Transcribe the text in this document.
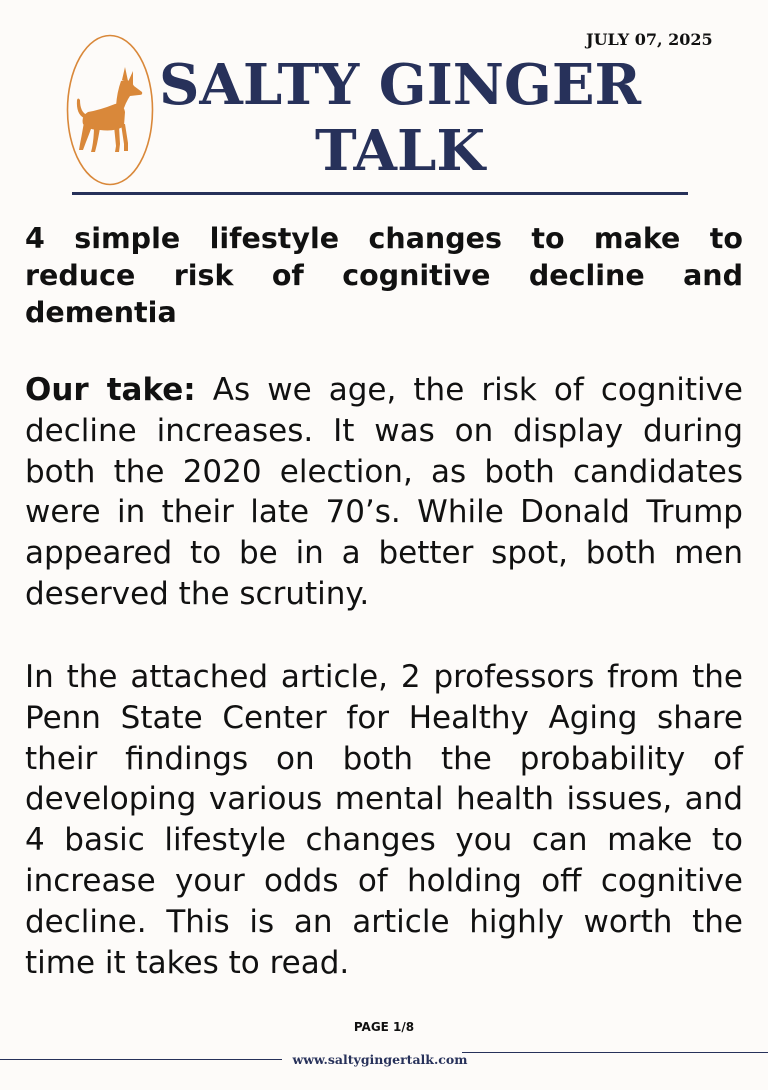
JULY 07, 2025
SALTY GINGER
TALK
4 simple lifestyle changes to make to reduce risk of cognitive decline and dementia

Our take: As we age, the risk of cognitive decline increases. It was on display during both the 2020 election, as both candidates were in their late 70’s. While Donald Trump appeared to be in a better spot, both men deserved the scrutiny.

In the attached article, 2 professors from the Penn State Center for Healthy Aging share their findings on both the probability of developing various mental health issues, and 4 basic lifestyle changes you can make to increase your odds of holding off cognitive decline. This is an article highly worth the time it takes to read.

PAGE 1/8
www.saltygingertalk.com
